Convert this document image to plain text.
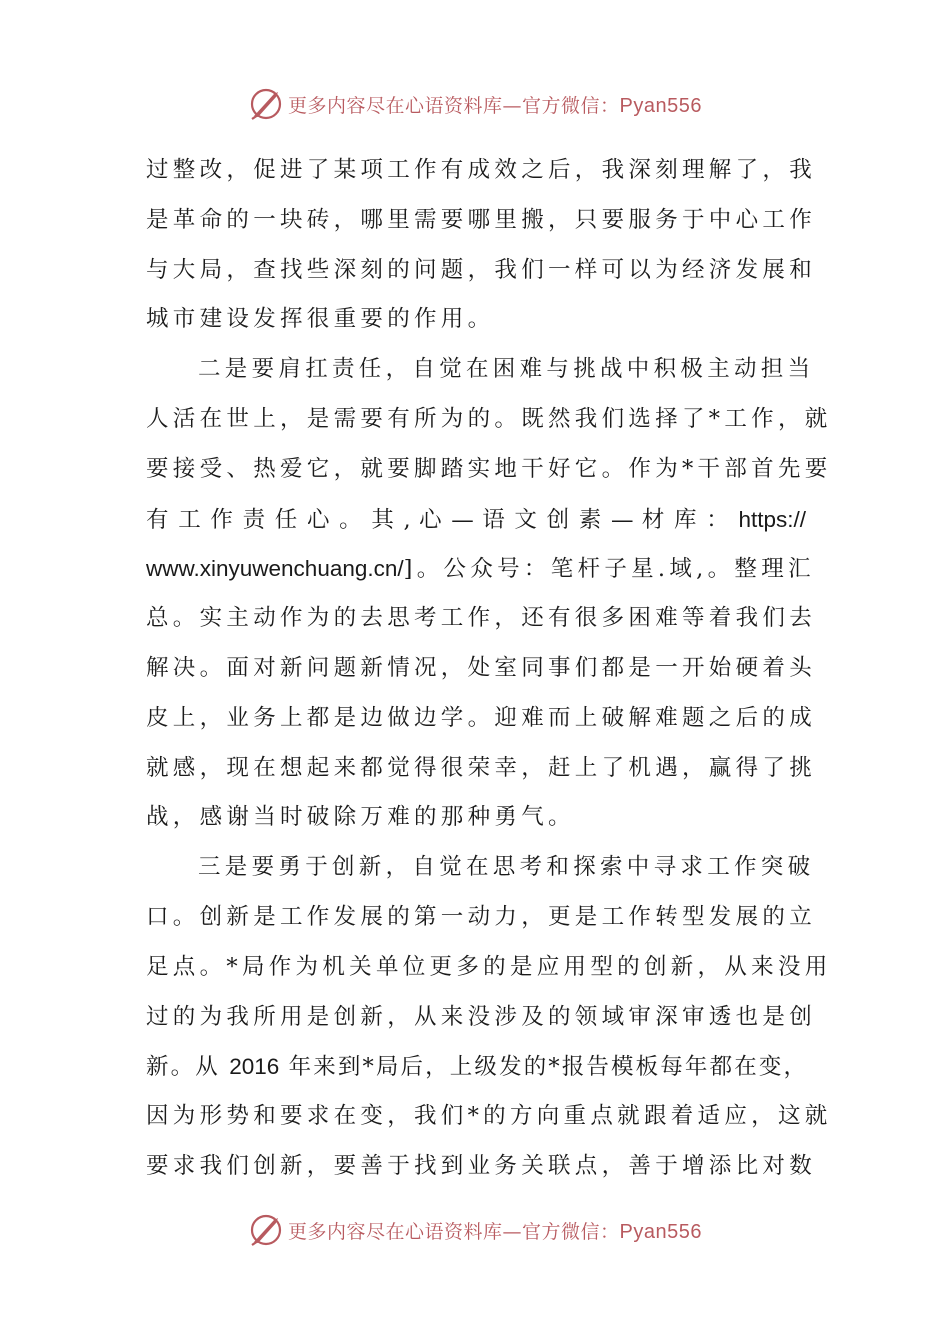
更多内容尽在心语资料库—官方微信：Pyan556
过整改，促进了某项工作有成效之后，我深刻理解了，我
是革命的一块砖，哪里需要哪里搬，只要服务于中心工作
与大局，查找些深刻的问题，我们一样可以为经济发展和
城市建设发挥很重要的作用。
二是要肩扛责任，自觉在困难与挑战中积极主动担当
人活在世上，是需要有所为的。既然我们选择了*工作，就
要接受、热爱它，就要脚踏实地干好它。作为*干部首先要
有 工 作 责 任 心 。 其 , 心 — 语 文 创 素 — 材 库 ： https://
www.xinyuwenchuang.cn/]。公众号：笔杆子星.域,。整理汇
总。实主动作为的去思考工作，还有很多困难等着我们去
解决。面对新问题新情况，处室同事们都是一开始硬着头
皮上，业务上都是边做边学。迎难而上破解难题之后的成
就感，现在想起来都觉得很荣幸，赶上了机遇，赢得了挑
战，感谢当时破除万难的那种勇气。
三是要勇于创新，自觉在思考和探索中寻求工作突破
口。创新是工作发展的第一动力，更是工作转型发展的立
足点。*局作为机关单位更多的是应用型的创新，从来没用
过的为我所用是创新，从来没涉及的领域审深审透也是创
新。从 2016 年来到*局后，上级发的*报告模板每年都在变，
因为形势和要求在变，我们*的方向重点就跟着适应，这就
要求我们创新，要善于找到业务关联点，善于增添比对数
更多内容尽在心语资料库—官方微信：Pyan556
